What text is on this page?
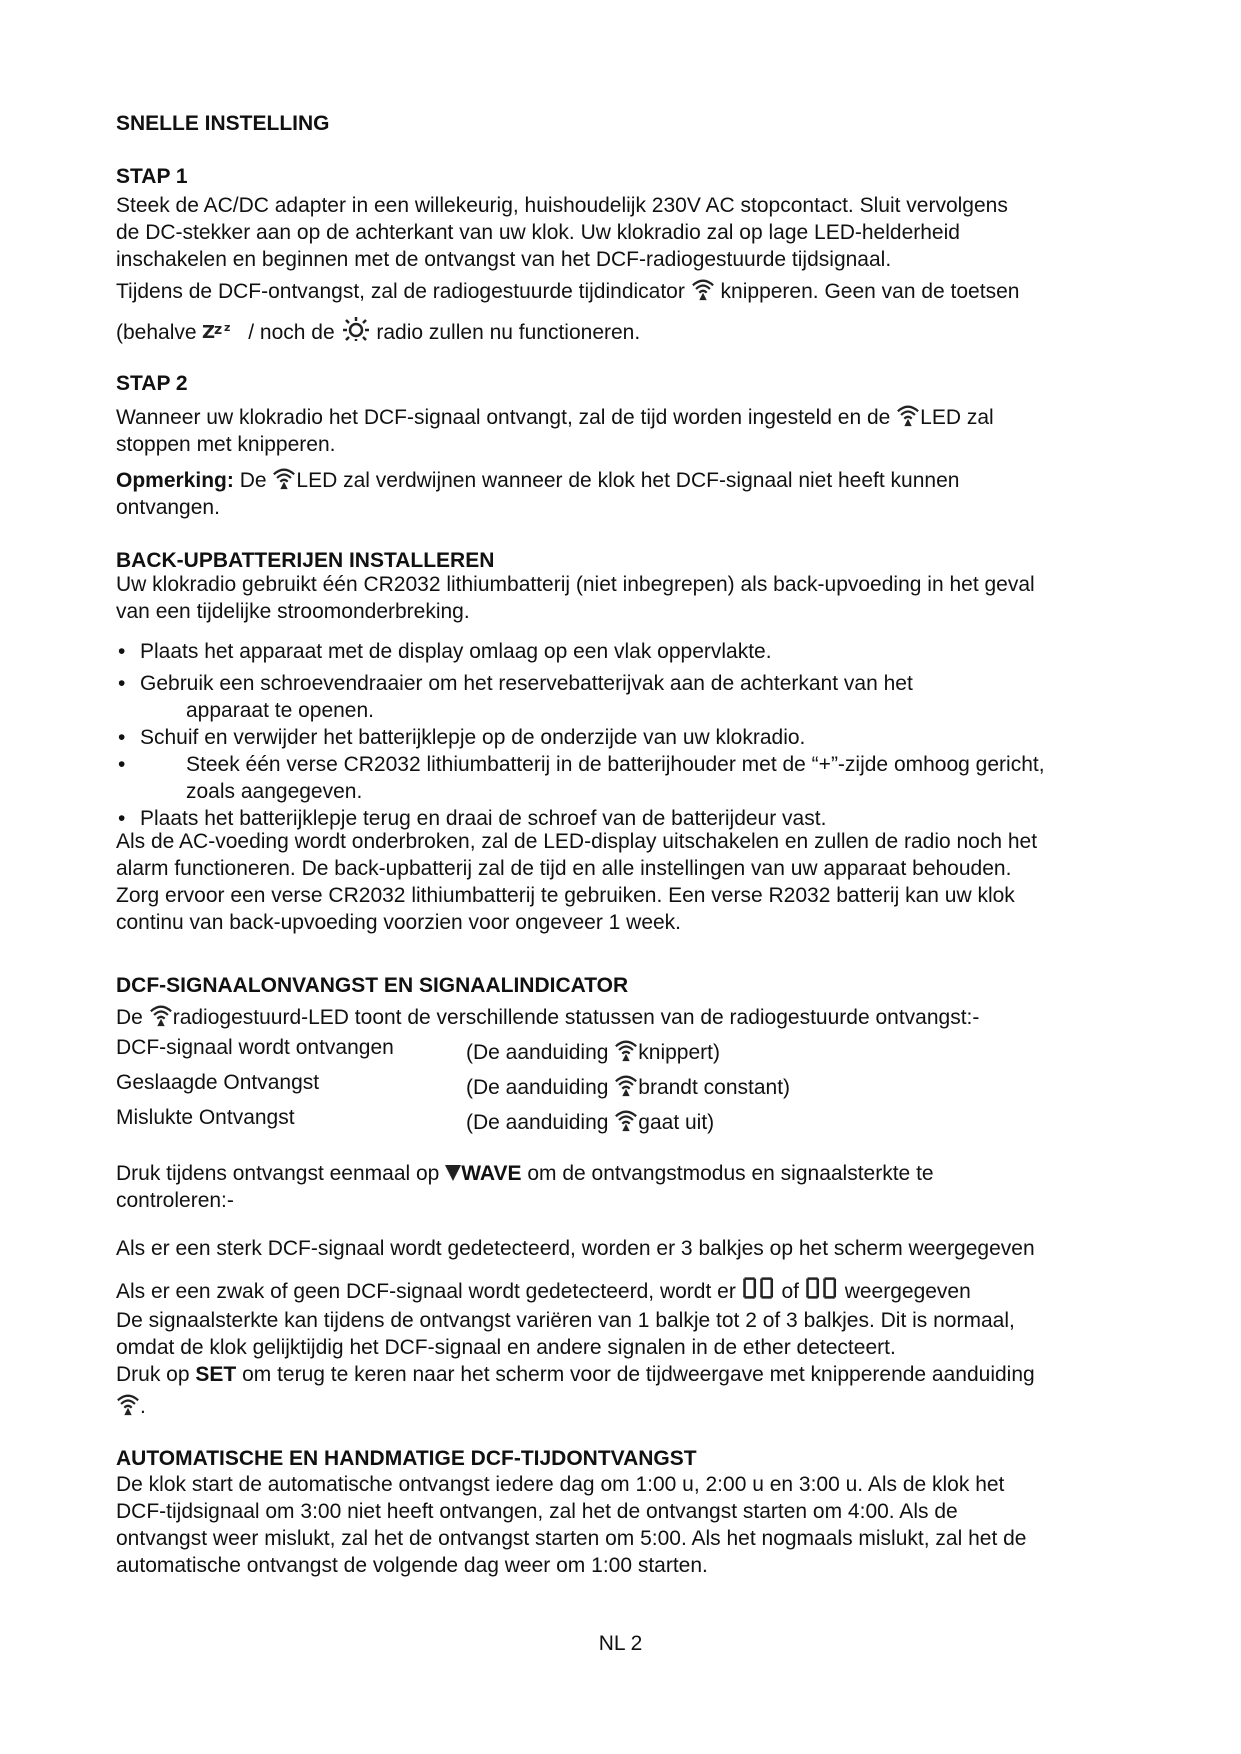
SNELLE INSTELLING
STAP 1
Steek de AC/DC adapter in een willekeurig, huishoudelijk 230V AC stopcontact. Sluit vervolgens
de DC-stekker aan op de achterkant van uw klok. Uw klokradio zal op lage LED-helderheid
inschakelen en beginnen met de ontvangst van het DCF-radiogestuurde tijdsignaal.
Tijdens de DCF-ontvangst, zal de radiogestuurde tijdindicator knipperen. Geen van de toetsen
(behalve Z
z z / noch de radio zullen nu functioneren.
STAP 2
Wanneer uw klokradio het DCF-signaal ontvangt, zal de tijd worden ingesteld en de LED zal
stoppen met knipperen.
Opmerking: De LED zal verdwijnen wanneer de klok het DCF-signaal niet heeft kunnen
ontvangen.
BACK-UPBATTERIJEN INSTALLEREN
Uw klokradio gebruikt één CR2032 lithiumbatterij (niet inbegrepen) als back-upvoeding in het geval
van een tijdelijke stroomonderbreking.
• Plaats het apparaat met de display omlaag op een vlak oppervlakte.
• Gebruik een schroevendraaier om het reservebatterijvak aan de achterkant van het
apparaat te openen.
• Schuif en verwijder het batterijklepje op de onderzijde van uw klokradio.
• Steek één verse CR2032 lithiumbatterij in de batterijhouder met de “+”-zijde omhoog gericht,
zoals aangegeven.
• Plaats het batterijklepje terug en draai de schroef van de batterijdeur vast.
Als de AC-voeding wordt onderbroken, zal de LED-display uitschakelen en zullen de radio noch het
alarm functioneren. De back-upbatterij zal de tijd en alle instellingen van uw apparaat behouden.
Zorg ervoor een verse CR2032 lithiumbatterij te gebruiken. Een verse R2032 batterij kan uw klok
continu van back-upvoeding voorzien voor ongeveer 1 week.
DCF-SIGNAALONVANGST EN SIGNAALINDICATOR
De radiogestuurd-LED toont de verschillende statussen van de radiogestuurde ontvangst:-
DCF-signaal wordt ontvangen	(De aanduiding knippert)
Geslaagde Ontvangst	(De aanduiding brandt constant)
Mislukte Ontvangst	(De aanduiding gaat uit)
Druk tijdens ontvangst eenmaal op WAVE om de ontvangstmodus en signaalsterkte te
controleren:-
Als er een sterk DCF-signaal wordt gedetecteerd, worden er 3 balkjes op het scherm weergegeven
Als er een zwak of geen DCF-signaal wordt gedetecteerd, wordt er of weergegeven
De signaalsterkte kan tijdens de ontvangst variëren van 1 balkje tot 2 of 3 balkjes. Dit is normaal,
omdat de klok gelijktijdig het DCF-signaal en andere signalen in de ether detecteert.
Druk op SET om terug te keren naar het scherm voor de tijdweergave met knipperende aanduiding
.
AUTOMATISCHE EN HANDMATIGE DCF-TIJDONTVANGST
De klok start de automatische ontvangst iedere dag om 1:00 u, 2:00 u en 3:00 u. Als de klok het
DCF-tijdsignaal om 3:00 niet heeft ontvangen, zal het de ontvangst starten om 4:00. Als de
ontvangst weer mislukt, zal het de ontvangst starten om 5:00. Als het nogmaals mislukt, zal het de
automatische ontvangst de volgende dag weer om 1:00 starten.
NL 2
